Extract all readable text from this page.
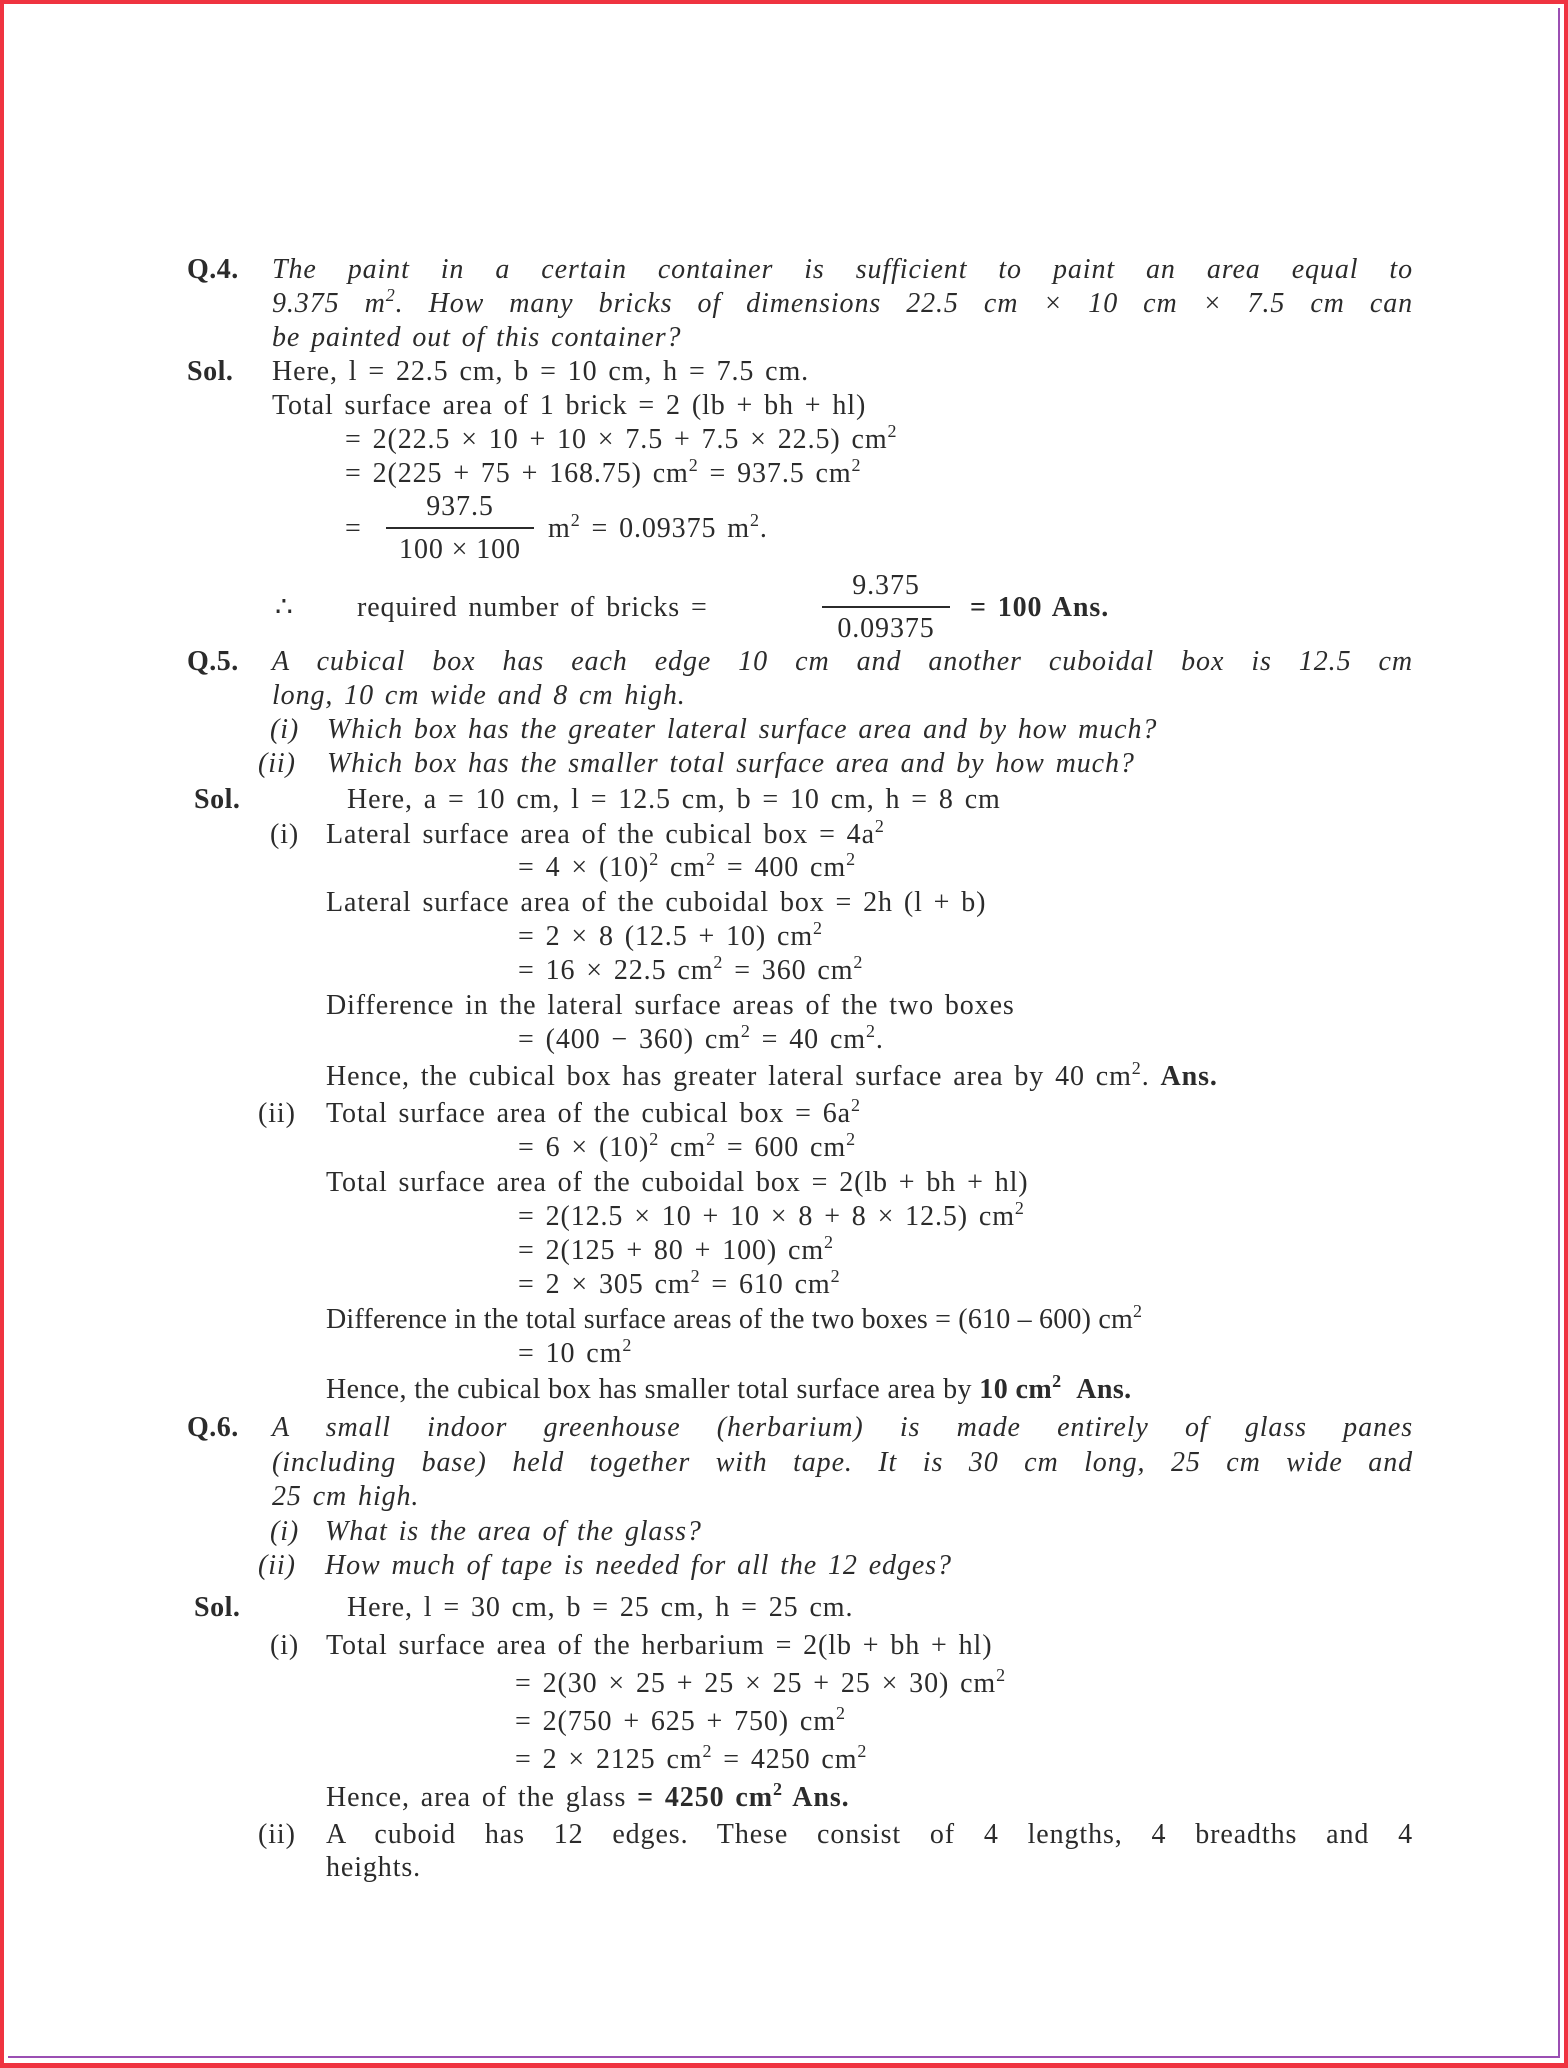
Q.4. The paint in a certain container is sufficient to paint an area equal to
9.375 $m^2$. How many bricks of dimensions 22.5 cm × 10 cm × 7.5 cm can
be painted out of this container?
Sol. Here, l = 22.5 cm, b = 10 cm, h = 7.5 cm.
Total surface area of 1 brick = 2 (lb + bh + hl)
= 2(22.5 × 10 + 10 × 7.5 + 7.5 × 22.5) $cm^2$
= 2(225 + 75 + 168.75) $cm^2 = 937.5$ $cm^2$
=
937.5
100 × 100
$m^2 = 0.09375$ $m^2$.
∴ required number of bricks =
9.375
0.09375
= 100 Ans.
Q.5. A cubical box has each edge 10 cm and another cuboidal box is 12.5 cm
long, 10 cm wide and 8 cm high.
(i) Which box has the greater lateral surface area and by how much?
(ii) Which box has the smaller total surface area and by how much?
Sol.	Here, a = 10 cm, l = 12.5 cm, b = 10 cm, h = 8 cm
(i) Lateral surface area of the cubical box = $4a^2$
= $4 \times (10)^2$ $cm^2 = 400$ $cm^2$
Lateral surface area of the cuboidal box = 2h (l + b)
= 2 × 8 (12.5 + 10) $cm^2$
= 16 × 22.5 $cm^2 = 360$ $cm^2$
Difference in the lateral surface areas of the two boxes
= (400 − 360) $cm^2 = 40$ $cm^2$.
Hence, the cubical box has greater lateral surface area by 40 $cm^2$. Ans.
(ii) Total surface area of the cubical box = $6a^2$
= $6 \times (10)^2$ $cm^2 = 600$ $cm^2$
Total surface area of the cuboidal box = 2(lb + bh + hl)
= 2(12.5 × 10 + 10 × 8 + 8 × 12.5) $cm^2$
= 2(125 + 80 + 100) $cm^2$
= 2 × 305 $cm^2 = 610$ $cm^2$
Difference in the total surface areas of the two boxes = (610 – 600) $cm^2$
= 10 $cm^2$
Hence, the cubical box has smaller total surface area by 10 $cm^2$ Ans.
Q.6. A small indoor greenhouse (herbarium) is made entirely of glass panes
(including base) held together with tape. It is 30 cm long, 25 cm wide and
25 cm high.
(i) What is the area of the glass?
(ii) How much of tape is needed for all the 12 edges?
Sol.	Here, l = 30 cm, b = 25 cm, h = 25 cm.
(i) Total surface area of the herbarium = 2(lb + bh + hl)
= 2(30 × 25 + 25 × 25 + 25 × 30) $cm^2$
= 2(750 + 625 + 750) $cm^2$
= 2 × 2125 $cm^2 = 4250$ $cm^2$
Hence, area of the glass = 4250 $cm^2$ Ans.
(ii) A cuboid has 12 edges. These consist of 4 lengths, 4 breadths and 4
heights.
